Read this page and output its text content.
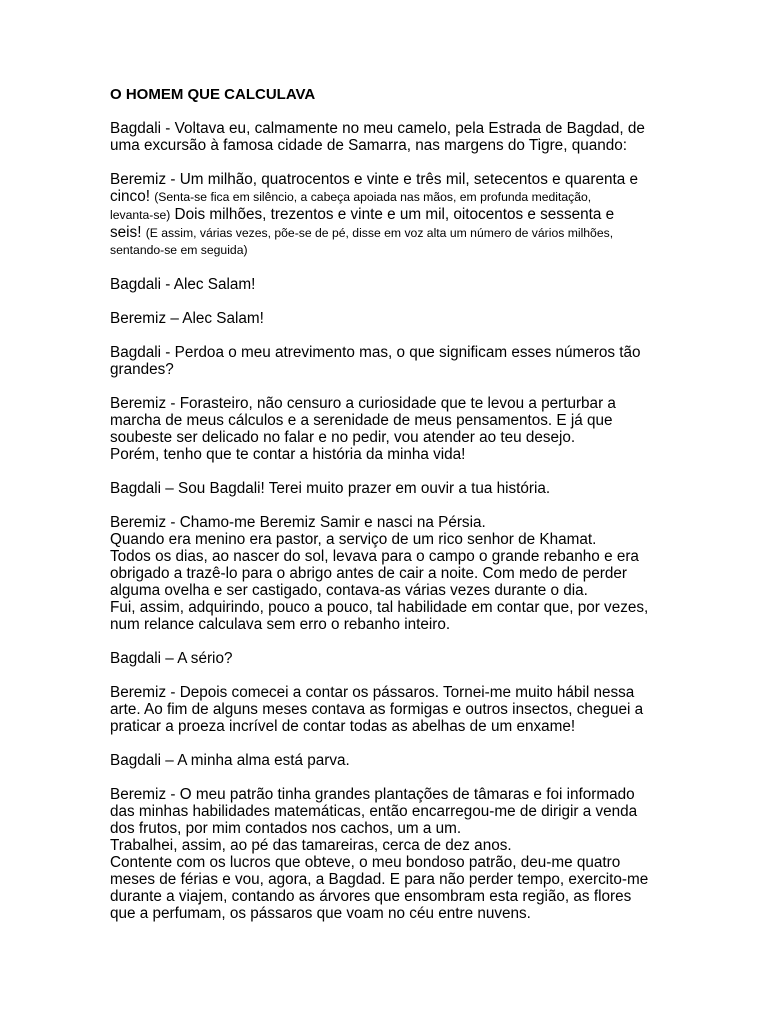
O HOMEM QUE CALCULAVA
Bagdali - Voltava eu, calmamente no meu camelo, pela Estrada de Bagdad, de
uma excursão à famosa cidade de Samarra, nas margens do Tigre, quando:
Beremiz - Um milhão, quatrocentos e vinte e três mil, setecentos e quarenta e
cinco! (Senta-se fica em silêncio, a cabeça apoiada nas mãos, em profunda meditação,
levanta-se) Dois milhões, trezentos e vinte e um mil, oitocentos e sessenta e
seis! (E assim, várias vezes, põe-se de pé, disse em voz alta um número de vários milhões,
sentando-se em seguida)
Bagdali - Alec Salam!
Beremiz – Alec Salam!
Bagdali - Perdoa o meu atrevimento mas, o que significam esses números tão
grandes?
Beremiz - Forasteiro, não censuro a curiosidade que te levou a perturbar a
marcha de meus cálculos e a serenidade de meus pensamentos. E já que
soubeste ser delicado no falar e no pedir, vou atender ao teu desejo.
Porém, tenho que te contar a história da minha vida!
Bagdali – Sou Bagdali! Terei muito prazer em ouvir a tua história.
Beremiz - Chamo-me Beremiz Samir e nasci na Pérsia.
Quando era menino era pastor, a serviço de um rico senhor de Khamat.
Todos os dias, ao nascer do sol, levava para o campo o grande rebanho e era
obrigado a trazê-lo para o abrigo antes de cair a noite. Com medo de perder
alguma ovelha e ser castigado, contava-as várias vezes durante o dia.
Fui, assim, adquirindo, pouco a pouco, tal habilidade em contar que, por vezes,
num relance calculava sem erro o rebanho inteiro.
Bagdali – A sério?
Beremiz - Depois comecei a contar os pássaros. Tornei-me muito hábil nessa
arte. Ao fim de alguns meses contava as formigas e outros insectos, cheguei a
praticar a proeza incrível de contar todas as abelhas de um enxame!
Bagdali – A minha alma está parva.
Beremiz - O meu patrão tinha grandes plantações de tâmaras e foi informado
das minhas habilidades matemáticas, então encarregou-me de dirigir a venda
dos frutos, por mim contados nos cachos, um a um.
Trabalhei, assim, ao pé das tamareiras, cerca de dez anos.
Contente com os lucros que obteve, o meu bondoso patrão, deu-me quatro
meses de férias e vou, agora, a Bagdad. E para não perder tempo, exercito-me
durante a viajem, contando as árvores que ensombram esta região, as flores
que a perfumam, os pássaros que voam no céu entre nuvens.
